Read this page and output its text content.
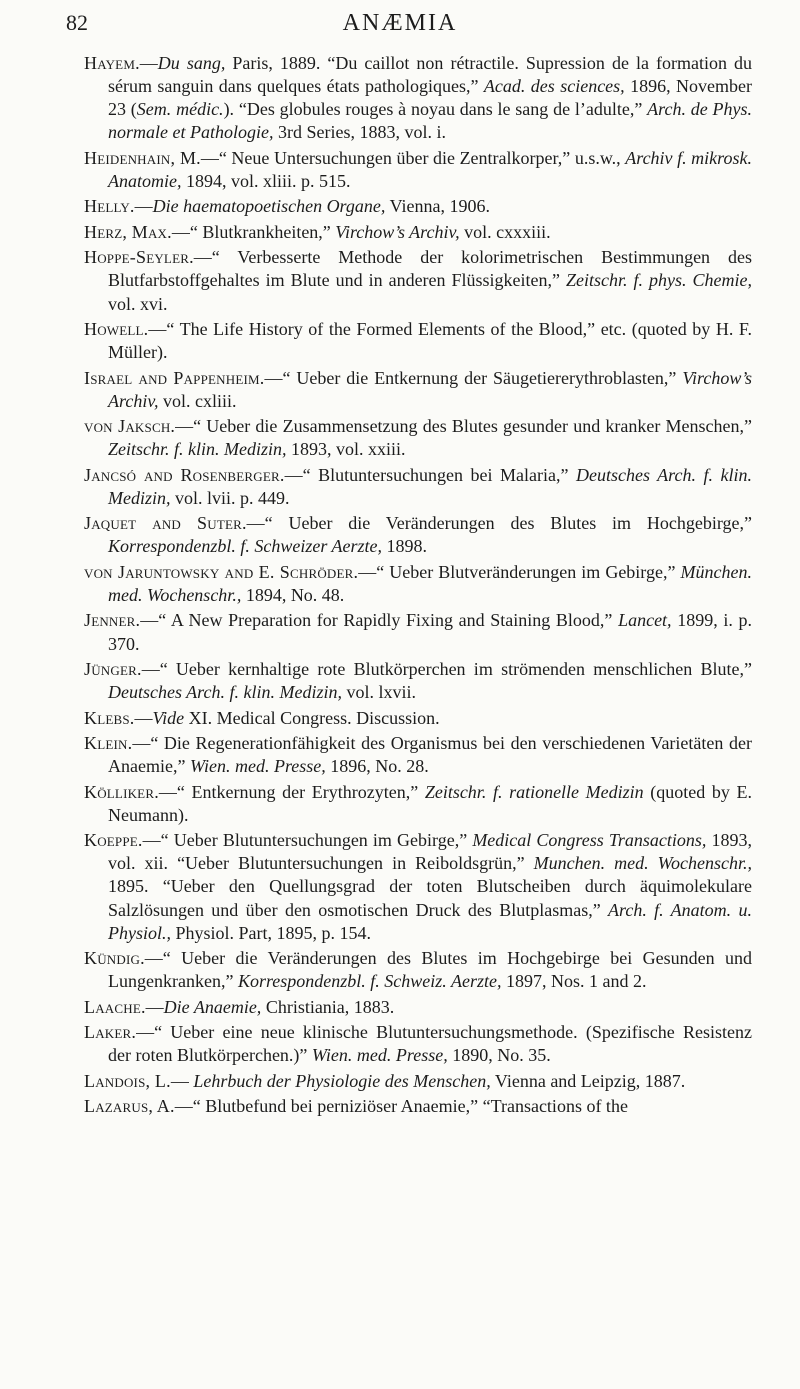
82	ANÆMIA

Hayem.—Du sang, Paris, 1889. “Du caillot non rétractile. Supression de la formation du sérum sanguin dans quelques états pathologiques,” Acad. des sciences, 1896, November 23 (Sem. médic.). “Des globules rouges à noyau dans le sang de l’adulte,” Arch. de Phys. normale et Pathologie, 3rd Series, 1883, vol. i.

Heidenhain, M.—“ Neue Untersuchungen über die Zentralkorper,” u.s.w., Archiv f. mikrosk. Anatomie, 1894, vol. xliii. p. 515.

Helly.—Die haematopoetischen Organe, Vienna, 1906.

Herz, Max.—“ Blutkrankheiten,” Virchow’s Archiv, vol. cxxxiii.

Hoppe-Seyler.—“ Verbesserte Methode der kolorimetrischen Bestimmungen des Blutfarbstoffgehaltes im Blute und in anderen Flüssigkeiten,” Zeitschr. f. phys. Chemie, vol. xvi.

Howell.—“ The Life History of the Formed Elements of the Blood,” etc. (quoted by H. F. Müller).

Israel and Pappenheim.—“ Ueber die Entkernung der Säugetiererythroblasten,” Virchow’s Archiv, vol. cxliii.

von Jaksch.—“ Ueber die Zusammensetzung des Blutes gesunder und kranker Menschen,” Zeitschr. f. klin. Medizin, 1893, vol. xxiii.

Jancsó and Rosenberger.—“ Blutuntersuchungen bei Malaria,” Deutsches Arch. f. klin. Medizin, vol. lvii. p. 449.

Jaquet and Suter.—“ Ueber die Veränderungen des Blutes im Hochgebirge,” Korrespondenzbl. f. Schweizer Aerzte, 1898.

von Jaruntowsky and E. Schröder.—“ Ueber Blutveränderungen im Gebirge,” München. med. Wochenschr., 1894, No. 48.

Jenner.—“ A New Preparation for Rapidly Fixing and Staining Blood,” Lancet, 1899, i. p. 370.

Jünger.—“ Ueber kernhaltige rote Blutkörperchen im strömenden menschlichen Blute,” Deutsches Arch. f. klin. Medizin, vol. lxvii.

Klebs.—Vide XI. Medical Congress. Discussion.

Klein.—“ Die Regenerationfähigkeit des Organismus bei den verschiedenen Varietäten der Anaemie,” Wien. med. Presse, 1896, No. 28.

Kölliker.—“ Entkernung der Erythrozyten,” Zeitschr. f. rationelle Medizin (quoted by E. Neumann).

Koeppe.—“ Ueber Blutuntersuchungen im Gebirge,” Medical Congress Transactions, 1893, vol. xii. “Ueber Blutuntersuchungen in Reiboldsgrün,” Munchen. med. Wochenschr., 1895. “Ueber den Quellungsgrad der toten Blutscheiben durch äquimolekulare Salzlösungen und über den osmotischen Druck des Blutplasmas,” Arch. f. Anatom. u. Physiol., Physiol. Part, 1895, p. 154.

Kündig.—“ Ueber die Veränderungen des Blutes im Hochgebirge bei Gesunden und Lungenkranken,” Korrespondenzbl. f. Schweiz. Aerzte, 1897, Nos. 1 and 2.

Laache.—Die Anaemie, Christiania, 1883.

Laker.—“ Ueber eine neue klinische Blutuntersuchungsmethode. (Spezifische Resistenz der roten Blutkörperchen.)” Wien. med. Presse, 1890, No. 35.

Landois, L.— Lehrbuch der Physiologie des Menschen, Vienna and Leipzig, 1887.

Lazarus, A.—“ Blutbefund bei perniziöser Anaemie,” “Transactions of the
